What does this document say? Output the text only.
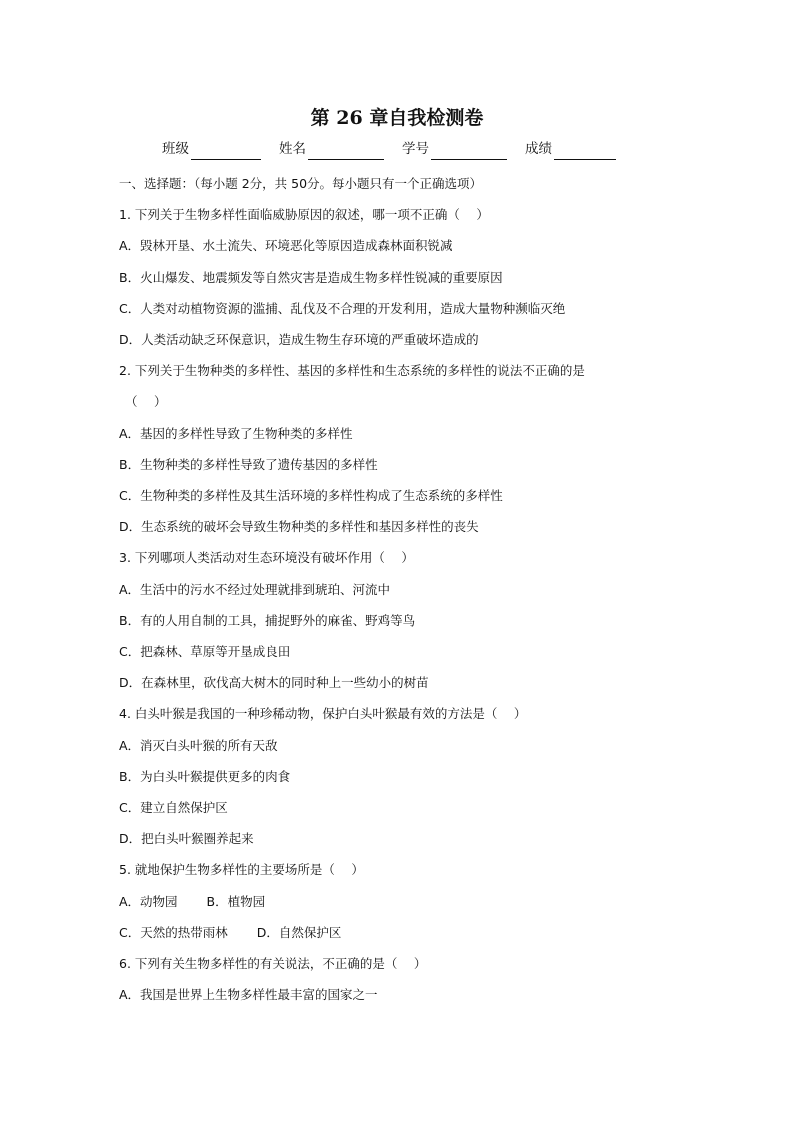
第 26 章自我检测卷
班级	姓名	学号	成绩
一、选择题：（每小题 2分，共 50分。每小题只有一个正确选项）
1. 下列关于生物多样性面临威胁原因的叙述，哪一项不正确（　 ）
A．毁林开垦、水土流失、环境恶化等原因造成森林面积锐减
B．火山爆发、地震频发等自然灾害是造成生物多样性锐减的重要原因
C．人类对动植物资源的滥捕、乱伐及不合理的开发利用，造成大量物种濒临灭绝
D．人类活动缺乏环保意识，造成生物生存环境的严重破坏造成的
2. 下列关于生物种类的多样性、基因的多样性和生态系统的多样性的说法不正确的是
（　 ）
A．基因的多样性导致了生物种类的多样性
B．生物种类的多样性导致了遗传基因的多样性
C．生物种类的多样性及其生活环境的多样性构成了生态系统的多样性
D．生态系统的破坏会导致生物种类的多样性和基因多样性的丧失
3. 下列哪项人类活动对生态环境没有破坏作用（　 ）
A．生活中的污水不经过处理就排到琥珀、河流中
B．有的人用自制的工具，捕捉野外的麻雀、野鸡等鸟
C．把森林、草原等开垦成良田
D．在森林里，砍伐高大树木的同时种上一些幼小的树苗
4. 白头叶猴是我国的一种珍稀动物，保护白头叶猴最有效的方法是（　 ）
A．消灭白头叶猴的所有天敌
B．为白头叶猴提供更多的肉食
C．建立自然保护区
D．把白头叶猴圈养起来
5. 就地保护生物多样性的主要场所是（　 ）
A．动物园　　 B．植物园
C．天然的热带雨林　　 D．自然保护区
6. 下列有关生物多样性的有关说法，不正确的是（　 ）
A．我国是世界上生物多样性最丰富的国家之一
